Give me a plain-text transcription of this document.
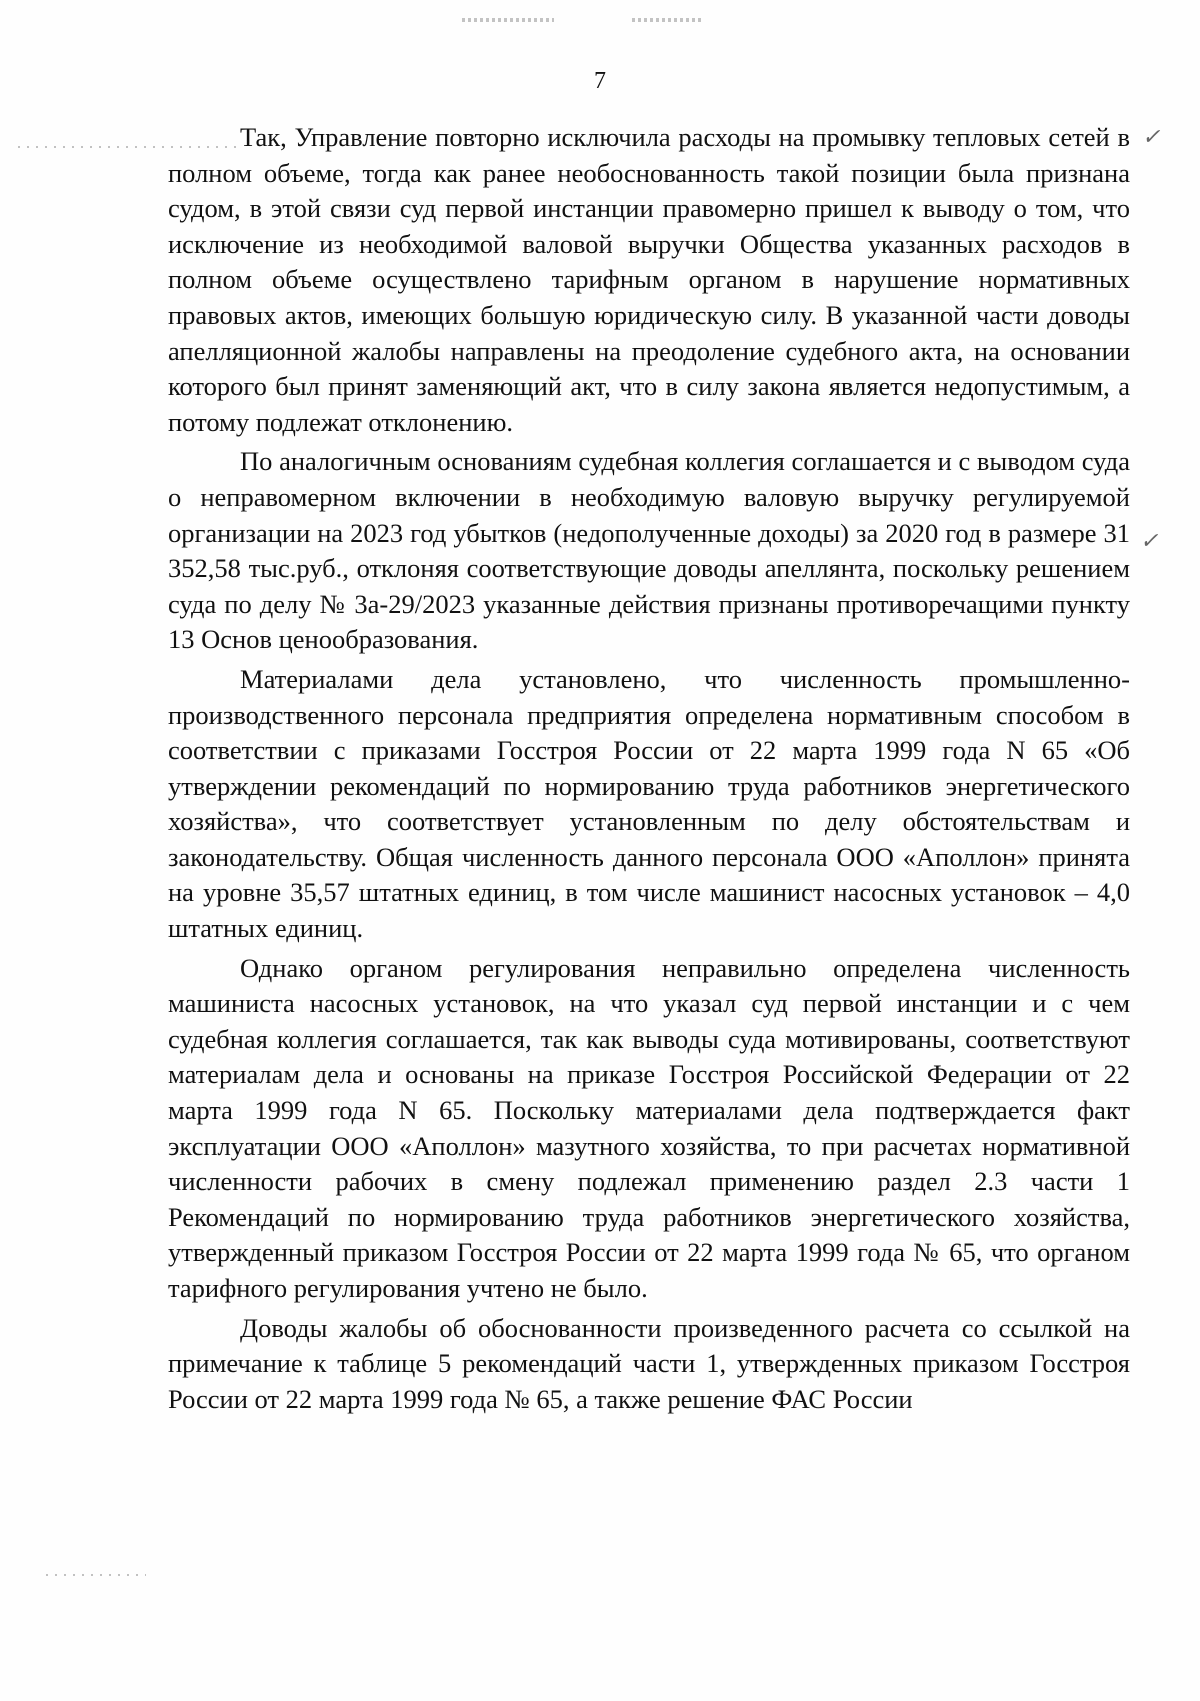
✓
✓
7

Так, Управление повторно исключила расходы на промывку тепловых сетей в полном объеме, тогда как ранее необоснованность такой позиции была признана судом, в этой связи суд первой инстанции правомерно пришел к выводу о том, что исключение из необходимой валовой выручки Общества указанных расходов в полном объеме осуществлено тарифным органом в нарушение нормативных правовых актов, имеющих большую юридическую силу. В указанной части доводы апелляционной жалобы направлены на преодоление судебного акта, на основании которого был принят заменяющий акт, что в силу закона является недопустимым, а потому подлежат отклонению.

По аналогичным основаниям судебная коллегия соглашается и с выводом суда о неправомерном включении в необходимую валовую выручку регулируемой организации на 2023 год убытков (недополученные доходы) за 2020 год в размере 31 352,58 тыс.руб., отклоняя соответствующие доводы апеллянта, поскольку решением суда по делу № 3а-29/2023 указанные действия признаны противоречащими пункту 13 Основ ценообразования.

Материалами дела установлено, что численность промышленно-производственного персонала предприятия определена нормативным способом в соответствии с приказами Госстроя России от 22 марта 1999 года N 65 «Об утверждении рекомендаций по нормированию труда работников энергетического хозяйства», что соответствует установленным по делу обстоятельствам и законодательству. Общая численность данного персонала ООО «Аполлон» принята на уровне 35,57 штатных единиц, в том числе машинист насосных установок – 4,0 штатных единиц.

Однако органом регулирования неправильно определена численность машиниста насосных установок, на что указал суд первой инстанции и с чем судебная коллегия соглашается, так как выводы суда мотивированы, соответствуют материалам дела и основаны на приказе Госстроя Российской Федерации от 22 марта 1999 года N 65. Поскольку материалами дела подтверждается факт эксплуатации ООО «Аполлон» мазутного хозяйства, то при расчетах нормативной численности рабочих в смену подлежал применению раздел 2.3 части 1 Рекомендаций по нормированию труда работников энергетического хозяйства, утвержденный приказом Госстроя России от 22 марта 1999 года № 65, что органом тарифного регулирования учтено не было.

Доводы жалобы об обоснованности произведенного расчета со ссылкой на примечание к таблице 5 рекомендаций части 1, утвержденных приказом Госстроя России от 22 марта 1999 года № 65, а также решение ФАС России
